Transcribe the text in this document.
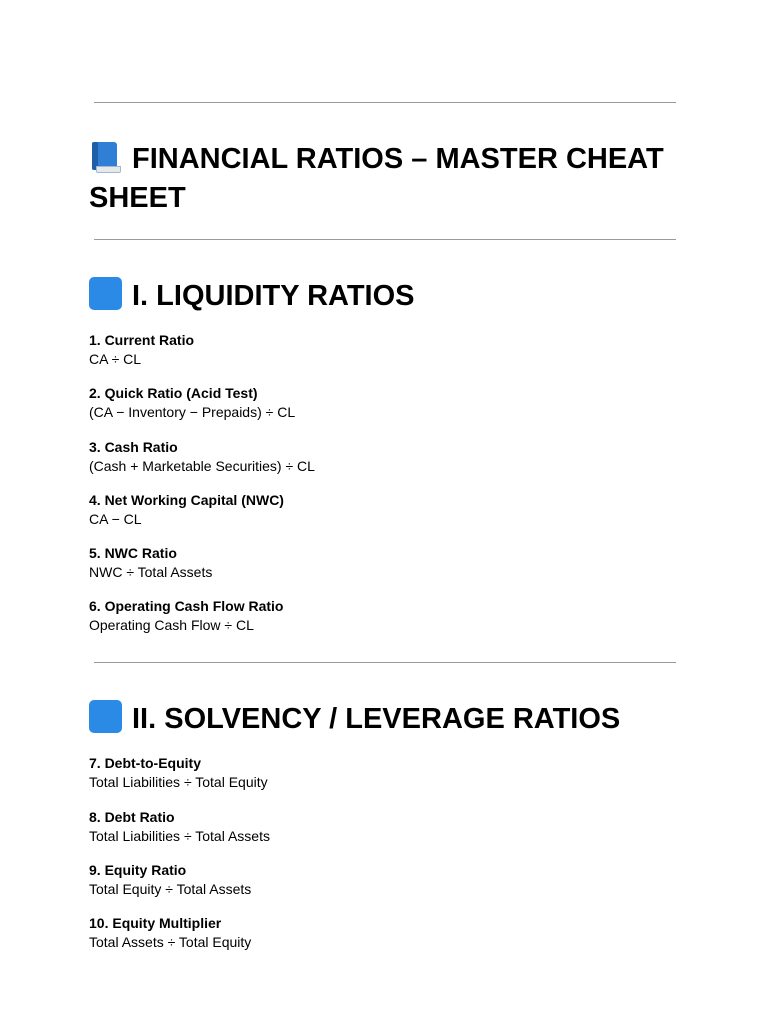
FINANCIAL RATIOS – MASTER CHEAT SHEET
I. LIQUIDITY RATIOS

1. Current Ratio

CA ÷ CL

2. Quick Ratio (Acid Test)

(CA − Inventory − Prepaids) ÷ CL

3. Cash Ratio

(Cash + Marketable Securities) ÷ CL

4. Net Working Capital (NWC)

CA − CL

5. NWC Ratio

NWC ÷ Total Assets

6. Operating Cash Flow Ratio

Operating Cash Flow ÷ CL

II. SOLVENCY / LEVERAGE RATIOS

7. Debt-to-Equity

Total Liabilities ÷ Total Equity

8. Debt Ratio

Total Liabilities ÷ Total Assets

9. Equity Ratio

Total Equity ÷ Total Assets

10. Equity Multiplier

Total Assets ÷ Total Equity
